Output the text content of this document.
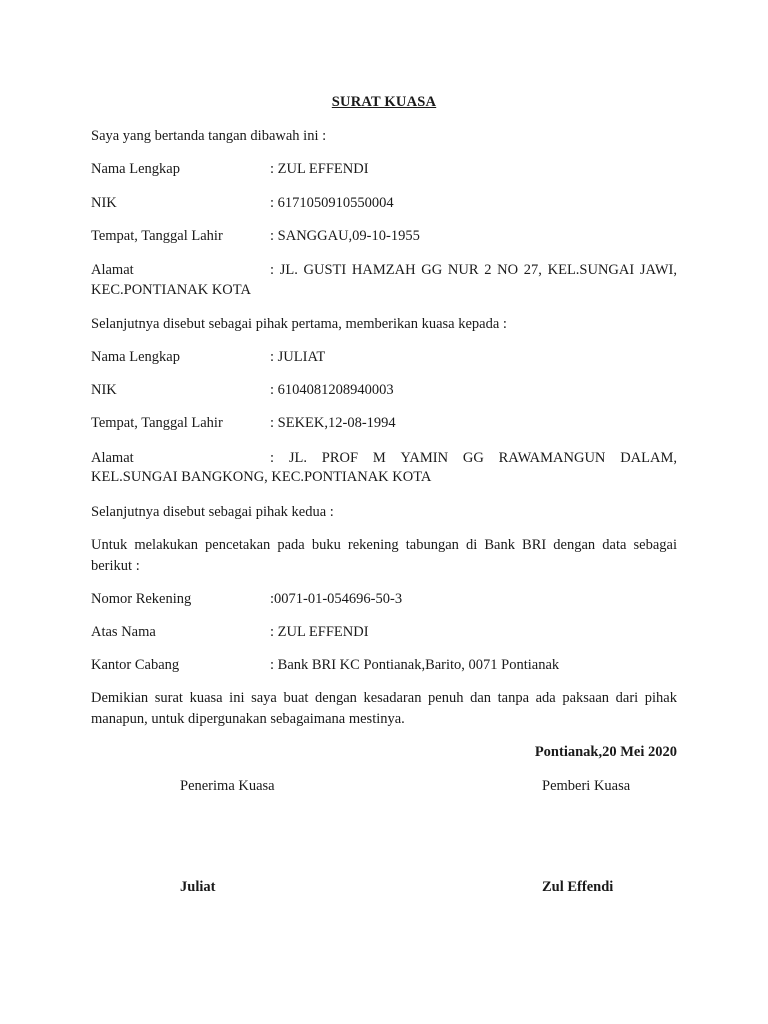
SURAT KUASA
Saya yang bertanda tangan dibawah ini :
Nama Lengkap	: ZUL EFFENDI
NIK	: 6171050910550004
Tempat, Tanggal Lahir	: SANGGAU,09-10-1955
Alamat	: JL. GUSTI HAMZAH GG NUR 2 NO 27, KEL.SUNGAI JAWI,
KEC.PONTIANAK KOTA
Selanjutnya disebut sebagai pihak pertama, memberikan kuasa kepada :
Nama Lengkap	: JULIAT
NIK	: 6104081208940003
Tempat, Tanggal Lahir	: SEKEK,12-08-1994
Alamat	: JL. PROF M YAMIN GG RAWAMANGUN DALAM,
KEL.SUNGAI BANGKONG, KEC.PONTIANAK KOTA
Selanjutnya disebut sebagai pihak kedua :
Untuk melakukan pencetakan pada buku rekening tabungan di Bank BRI dengan data sebagai berikut :
Nomor Rekening	:0071-01-054696-50-3
Atas Nama	: ZUL EFFENDI
Kantor Cabang	: Bank BRI KC Pontianak,Barito, 0071 Pontianak
Demikian surat kuasa ini saya buat dengan kesadaran penuh dan tanpa ada paksaan dari pihak manapun, untuk dipergunakan sebagaimana mestinya.
Pontianak,20 Mei 2020
Penerima Kuasa	Pemberi Kuasa
Juliat	Zul Effendi
